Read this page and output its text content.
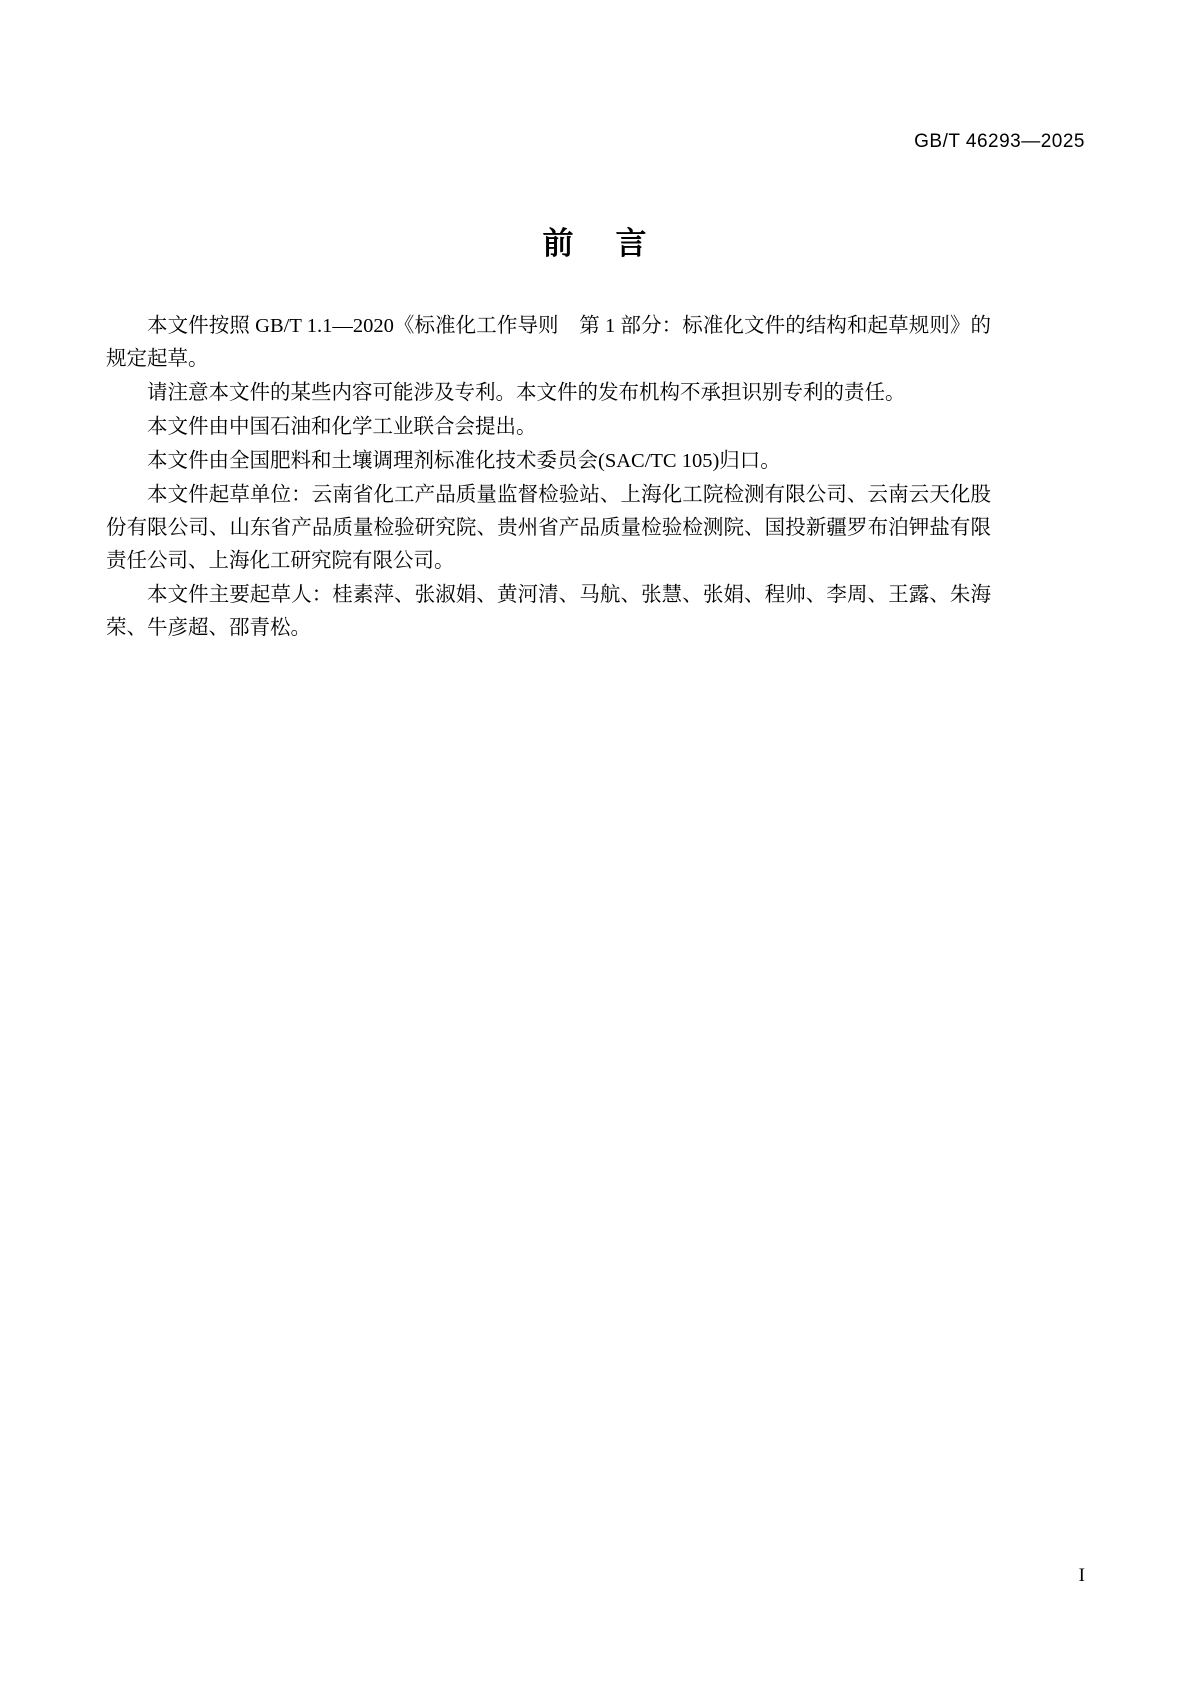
GB/T 46293—2025
前 言

本文件按照 GB/T 1.1—2020《标准化工作导则　第 1 部分：标准化文件的结构和起草规则》的规定起草。

请注意本文件的某些内容可能涉及专利。本文件的发布机构不承担识别专利的责任。

本文件由中国石油和化学工业联合会提出。

本文件由全国肥料和土壤调理剂标准化技术委员会(SAC/TC 105)归口。

本文件起草单位：云南省化工产品质量监督检验站、上海化工院检测有限公司、云南云天化股份有限公司、山东省产品质量检验研究院、贵州省产品质量检验检测院、国投新疆罗布泊钾盐有限责任公司、上海化工研究院有限公司。

本文件主要起草人：桂素萍、张淑娟、黄河清、马航、张慧、张娟、程帅、李周、王露、朱海荣、牛彦超、邵青松。

I
